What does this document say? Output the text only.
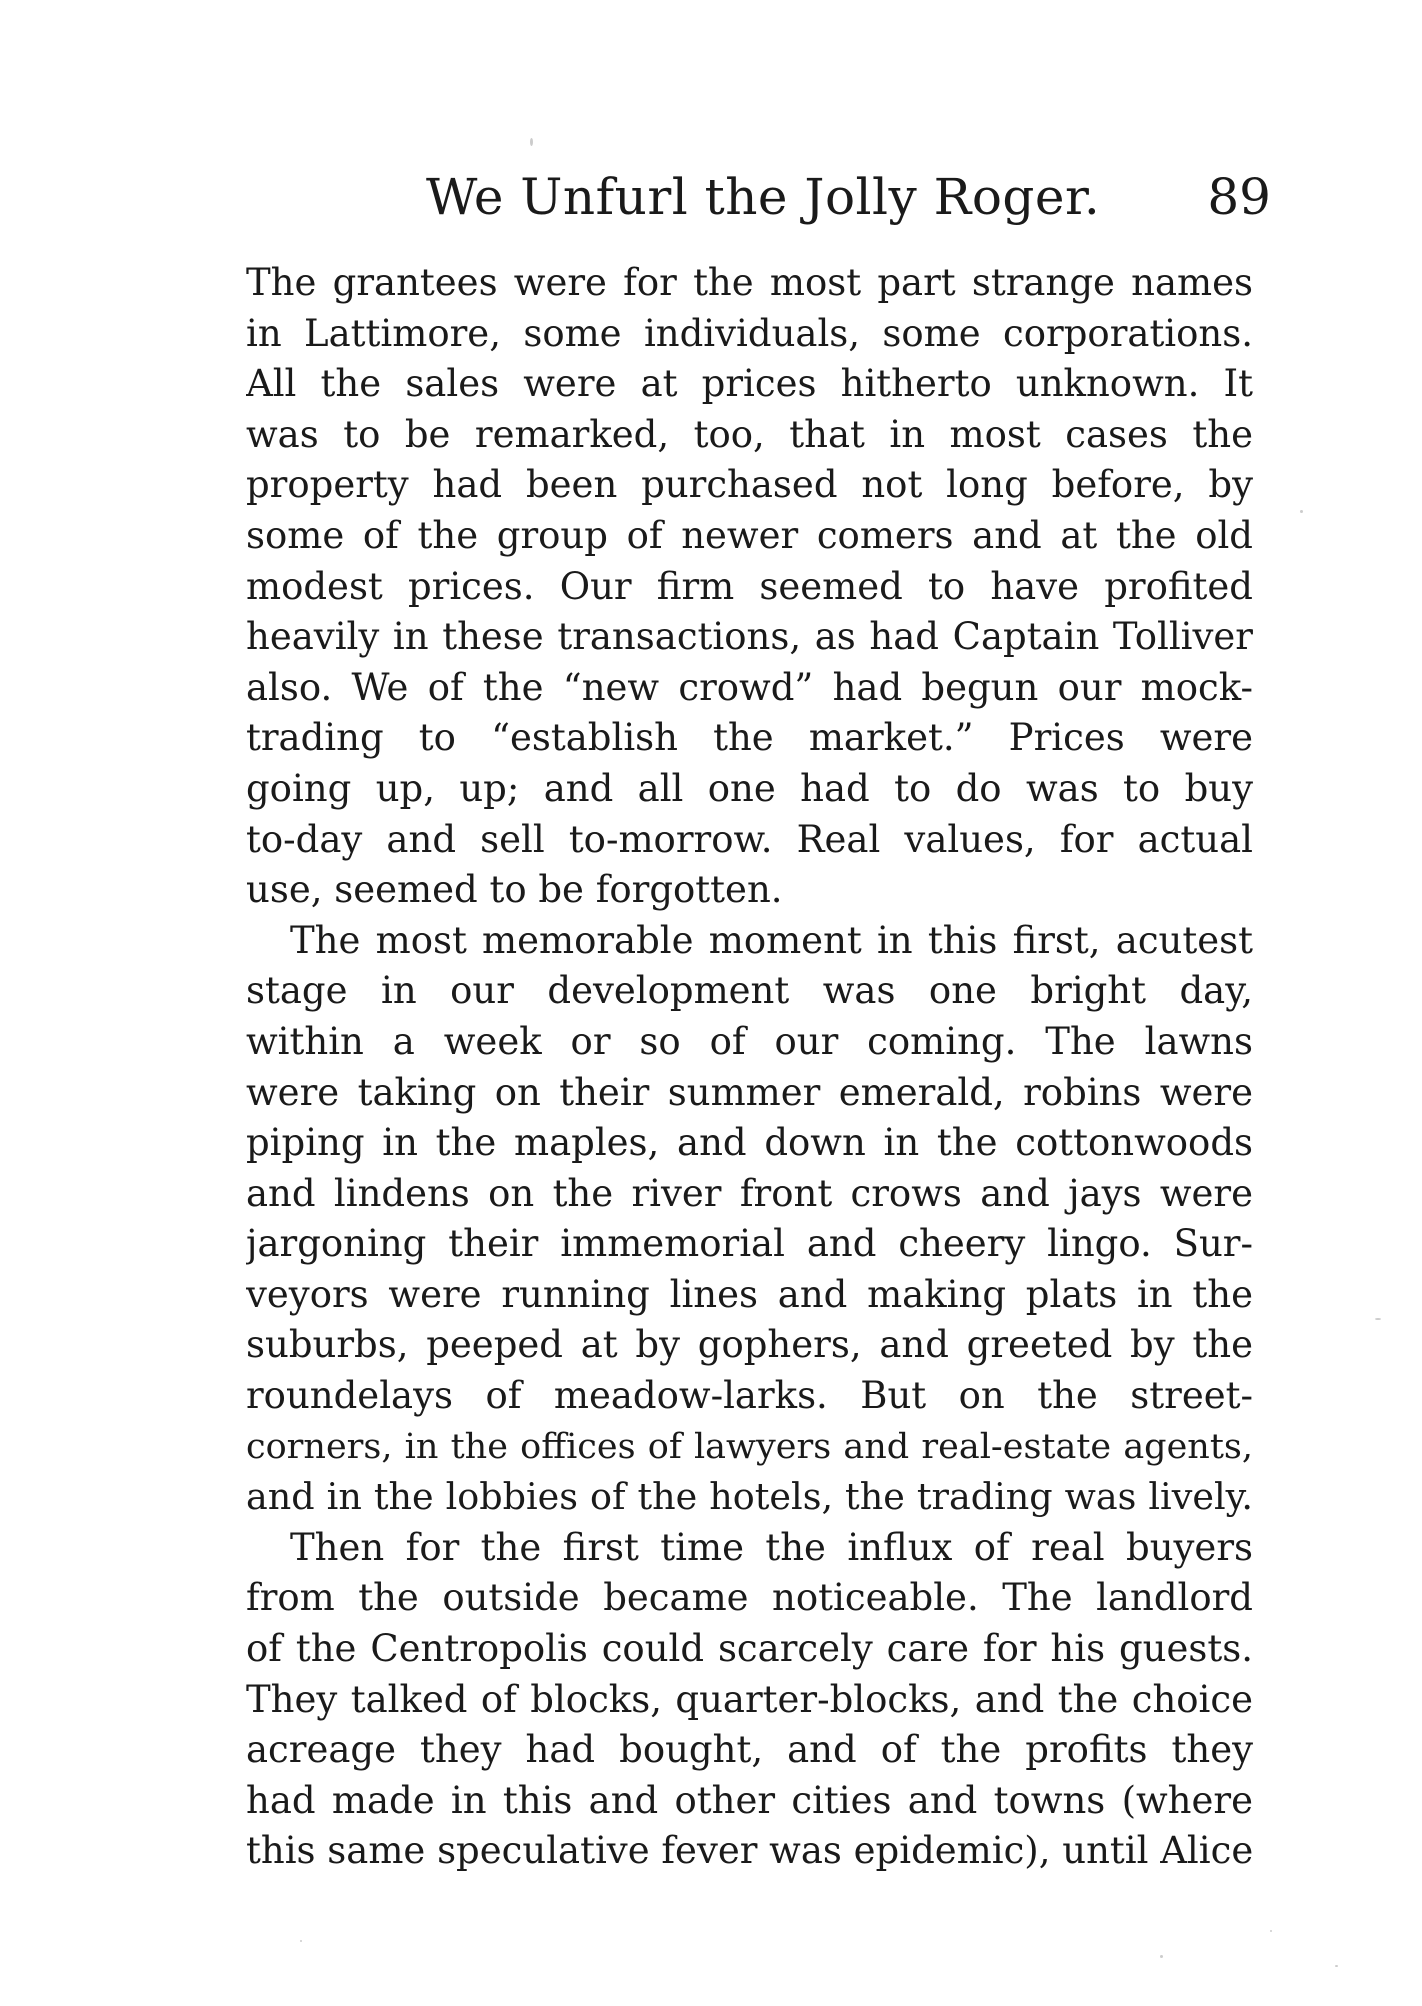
We Unfurl the Jolly Roger. 89
The grantees were for the most part strange names
in Lattimore, some individuals, some corporations.
All the sales were at prices hitherto unknown. It
was to be remarked, too, that in most cases the
property had been purchased not long before, by
some of the group of newer comers and at the old
modest prices. Our firm seemed to have profited
heavily in these transactions, as had Captain Tolliver
also. We of the “new crowd” had begun our mock-
trading to “establish the market.” Prices were
going up, up; and all one had to do was to buy
to-day and sell to-morrow. Real values, for actual
use, seemed to be forgotten.
The most memorable moment in this first, acutest
stage in our development was one bright day,
within a week or so of our coming. The lawns
were taking on their summer emerald, robins were
piping in the maples, and down in the cottonwoods
and lindens on the river front crows and jays were
jargoning their immemorial and cheery lingo. Sur-
veyors were running lines and making plats in the
suburbs, peeped at by gophers, and greeted by the
roundelays of meadow-larks. But on the street-
corners, in the offices of lawyers and real-estate agents,
and in the lobbies of the hotels, the trading was lively.
Then for the first time the influx of real buyers
from the outside became noticeable. The landlord
of the Centropolis could scarcely care for his guests.
They talked of blocks, quarter-blocks, and the choice
acreage they had bought, and of the profits they
had made in this and other cities and towns (where
this same speculative fever was epidemic), until Alice
